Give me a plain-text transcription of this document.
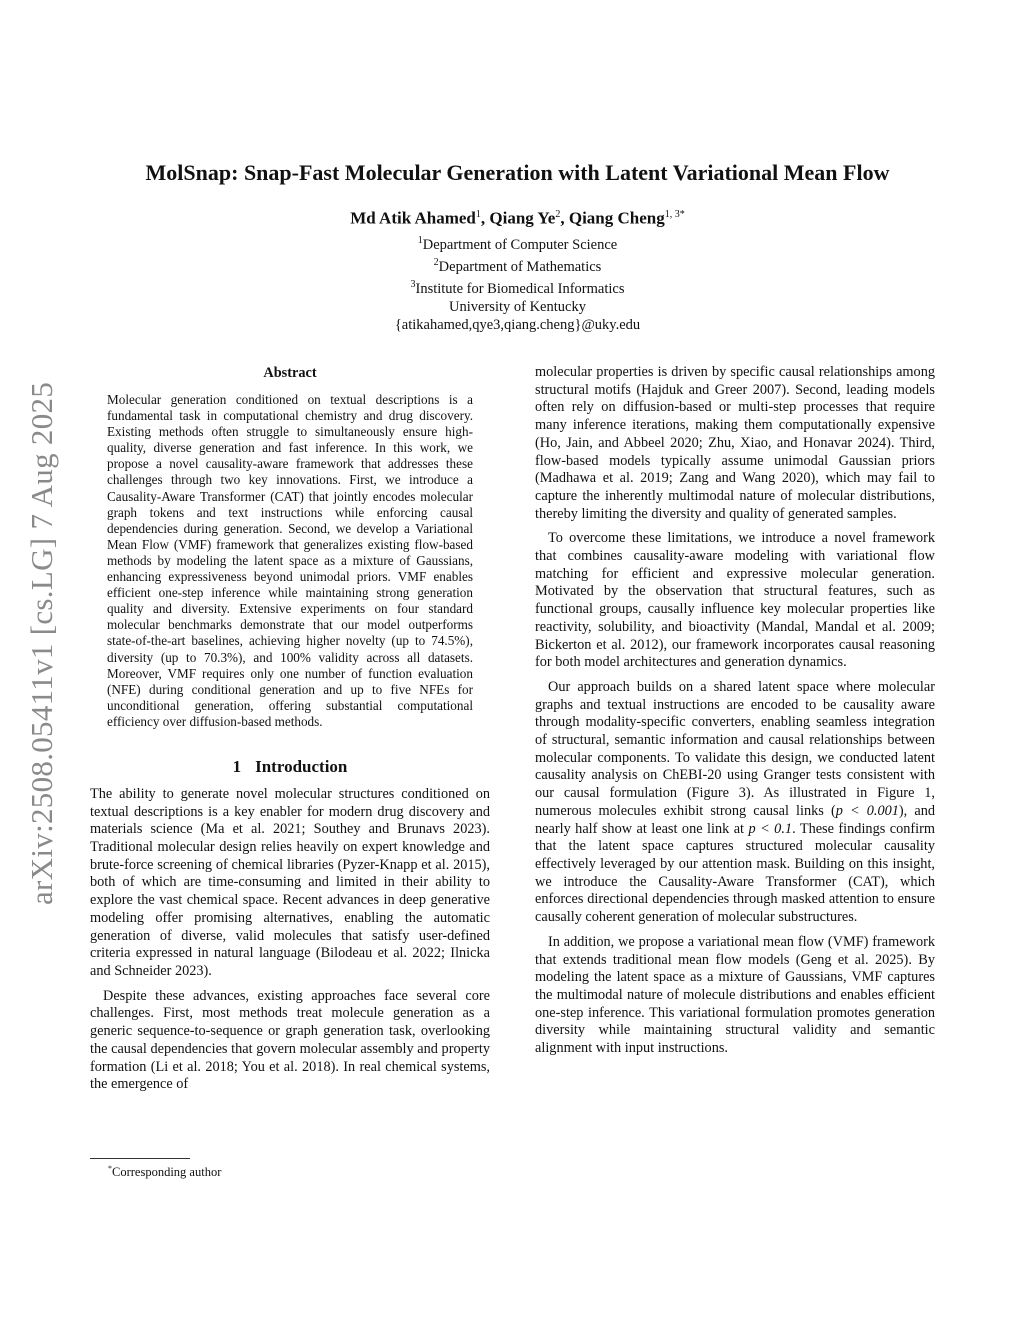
arXiv:2508.05411v1 [cs.LG] 7 Aug 2025
MolSnap: Snap-Fast Molecular Generation with Latent Variational Mean Flow
Md Atik Ahamed$^1$, Qiang Ye$^2$, Qiang Cheng$^{1, 3*}$
$^1$Department of Computer Science
$^2$Department of Mathematics
$^3$Institute for Biomedical Informatics
University of Kentucky
{atikahamed,qye3,qiang.cheng}@uky.edu
Abstract
Molecular generation conditioned on textual descriptions is a fundamental task in computational chemistry and drug discovery. Existing methods often struggle to simultaneously ensure high-quality, diverse generation and fast inference. In this work, we propose a novel causality-aware framework that addresses these challenges through two key innovations. First, we introduce a Causality-Aware Transformer (CAT) that jointly encodes molecular graph tokens and text instructions while enforcing causal dependencies during generation. Second, we develop a Variational Mean Flow (VMF) framework that generalizes existing flow-based methods by modeling the latent space as a mixture of Gaussians, enhancing expressiveness beyond unimodal priors. VMF enables efficient one-step inference while maintaining strong generation quality and diversity. Extensive experiments on four standard molecular benchmarks demonstrate that our model outperforms state-of-the-art baselines, achieving higher novelty (up to 74.5%), diversity (up to 70.3%), and 100% validity across all datasets. Moreover, VMF requires only one number of function evaluation (NFE) during conditional generation and up to five NFEs for unconditional generation, offering substantial computational efficiency over diffusion-based methods.
1 Introduction

The ability to generate novel molecular structures conditioned on textual descriptions is a key enabler for modern drug discovery and materials science (Ma et al. 2021; Southey and Brunavs 2023). Traditional molecular design relies heavily on expert knowledge and brute-force screening of chemical libraries (Pyzer-Knapp et al. 2015), both of which are time-consuming and limited in their ability to explore the vast chemical space. Recent advances in deep generative modeling offer promising alternatives, enabling the automatic generation of diverse, valid molecules that satisfy user-defined criteria expressed in natural language (Bilodeau et al. 2022; Ilnicka and Schneider 2023).

Despite these advances, existing approaches face several core challenges. First, most methods treat molecule generation as a generic sequence-to-sequence or graph generation task, overlooking the causal dependencies that govern molecular assembly and property formation (Li et al. 2018; You et al. 2018). In real chemical systems, the emergence of

molecular properties is driven by specific causal relationships among structural motifs (Hajduk and Greer 2007). Second, leading models often rely on diffusion-based or multi-step processes that require many inference iterations, making them computationally expensive (Ho, Jain, and Abbeel 2020; Zhu, Xiao, and Honavar 2024). Third, flow-based models typically assume unimodal Gaussian priors (Madhawa et al. 2019; Zang and Wang 2020), which may fail to capture the inherently multimodal nature of molecular distributions, thereby limiting the diversity and quality of generated samples.

To overcome these limitations, we introduce a novel framework that combines causality-aware modeling with variational flow matching for efficient and expressive molecular generation. Motivated by the observation that structural features, such as functional groups, causally influence key molecular properties like reactivity, solubility, and bioactivity (Mandal, Mandal et al. 2009; Bickerton et al. 2012), our framework incorporates causal reasoning for both model architectures and generation dynamics.

Our approach builds on a shared latent space where molecular graphs and textual instructions are encoded to be causality aware through modality-specific converters, enabling seamless integration of structural, semantic information and causal relationships between molecular components. To validate this design, we conducted latent causality analysis on ChEBI-20 using Granger tests consistent with our causal formulation (Figure 3). As illustrated in Figure 1, numerous molecules exhibit strong causal links (p < 0.001), and nearly half show at least one link at p < 0.1. These findings confirm that the latent space captures structured molecular causality effectively leveraged by our attention mask. Building on this insight, we introduce the Causality-Aware Transformer (CAT), which enforces directional dependencies through masked attention to ensure causally coherent generation of molecular substructures.

In addition, we propose a variational mean flow (VMF) framework that extends traditional mean flow models (Geng et al. 2025). By modeling the latent space as a mixture of Gaussians, VMF captures the multimodal nature of molecule distributions and enables efficient one-step inference. This variational formulation promotes generation diversity while maintaining structural validity and semantic alignment with input instructions.

*Corresponding author
